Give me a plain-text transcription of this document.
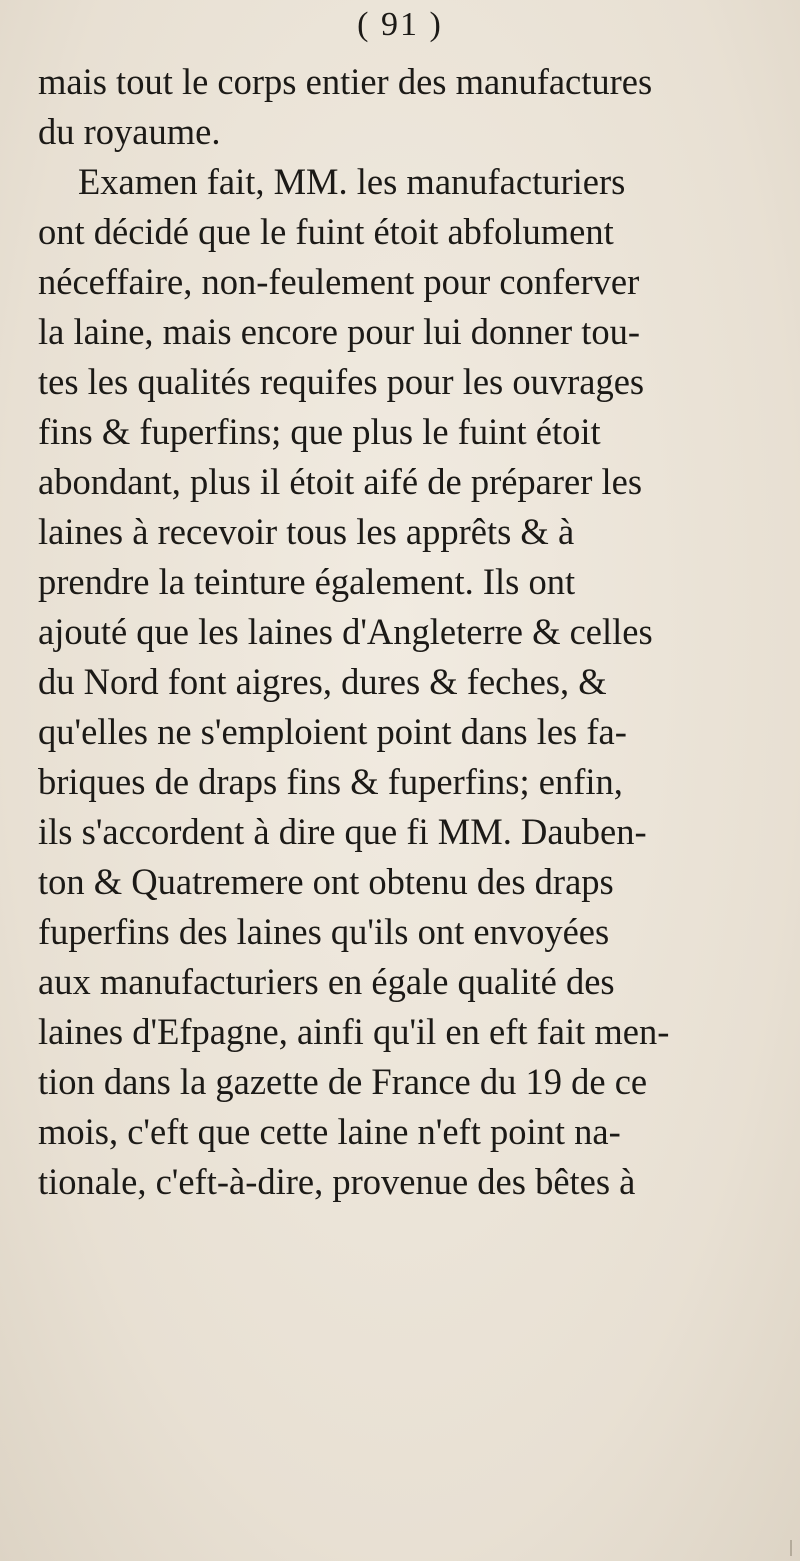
( 91 )
mais tout le corps entier des manufactures
du royaume.
Examen fait, MM. les manufacturiers
ont décidé que le fuint étoit abfolument
néceffaire, non-feulement pour conferver
la laine, mais encore pour lui donner tou-
tes les qualités requifes pour les ouvrages
fins & fuperfins; que plus le fuint étoit
abondant, plus il étoit aifé de préparer les
laines à recevoir tous les apprêts & à
prendre la teinture également. Ils ont
ajouté que les laines d'Angleterre & celles
du Nord font aigres, dures & feches, &
qu'elles ne s'emploient point dans les fa-
briques de draps fins & fuperfins; enfin,
ils s'accordent à dire que fi MM. Dauben-
ton & Quatremere ont obtenu des draps
fuperfins des laines qu'ils ont envoyées
aux manufacturiers en égale qualité des
laines d'Efpagne, ainfi qu'il en eft fait men-
tion dans la gazette de France du 19 de ce
mois, c'eft que cette laine n'eft point na-
tionale, c'eft-à-dire, provenue des bêtes à
